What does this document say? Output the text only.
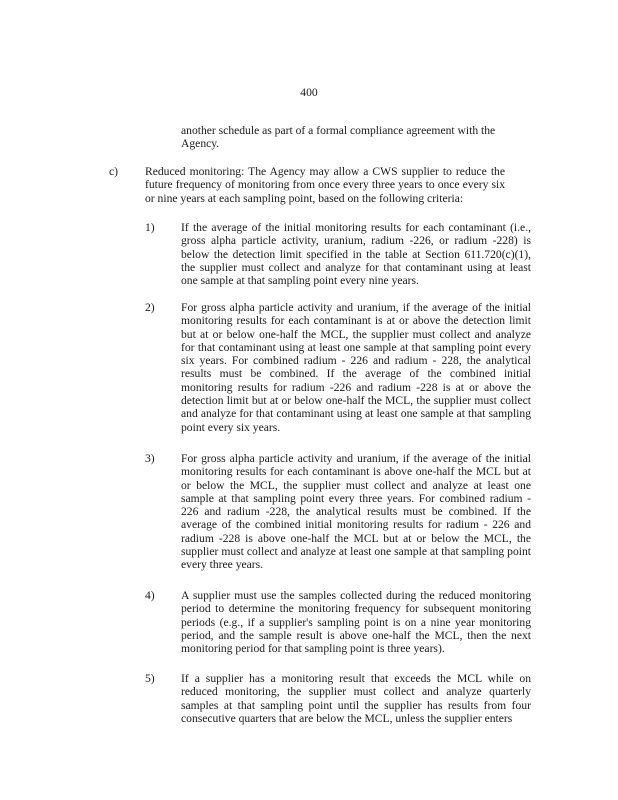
400
another schedule as part of a formal compliance agreement with the Agency.
c) Reduced monitoring: The Agency may allow a CWS supplier to reduce the future frequency of monitoring from once every three years to once every six or nine years at each sampling point, based on the following criteria:
1) If the average of the initial monitoring results for each contaminant (i.e., gross alpha particle activity, uranium, radium -226, or radium -228) is below the detection limit specified in the table at Section 611.720(c)(1), the supplier must collect and analyze for that contaminant using at least one sample at that sampling point every nine years.
2) For gross alpha particle activity and uranium, if the average of the initial monitoring results for each contaminant is at or above the detection limit but at or below one-half the MCL, the supplier must collect and analyze for that contaminant using at least one sample at that sampling point every six years. For combined radium - 226 and radium - 228, the analytical results must be combined. If the average of the combined initial monitoring results for radium -226 and radium -228 is at or above the detection limit but at or below one-half the MCL, the supplier must collect and analyze for that contaminant using at least one sample at that sampling point every six years.
3) For gross alpha particle activity and uranium, if the average of the initial monitoring results for each contaminant is above one-half the MCL but at or below the MCL, the supplier must collect and analyze at least one sample at that sampling point every three years. For combined radium - 226 and radium -228, the analytical results must be combined. If the average of the combined initial monitoring results for radium - 226 and radium -228 is above one-half the MCL but at or below the MCL, the supplier must collect and analyze at least one sample at that sampling point every three years.
4) A supplier must use the samples collected during the reduced monitoring period to determine the monitoring frequency for subsequent monitoring periods (e.g., if a supplier's sampling point is on a nine year monitoring period, and the sample result is above one-half the MCL, then the next monitoring period for that sampling point is three years).
5) If a supplier has a monitoring result that exceeds the MCL while on reduced monitoring, the supplier must collect and analyze quarterly samples at that sampling point until the supplier has results from four consecutive quarters that are below the MCL, unless the supplier enters
